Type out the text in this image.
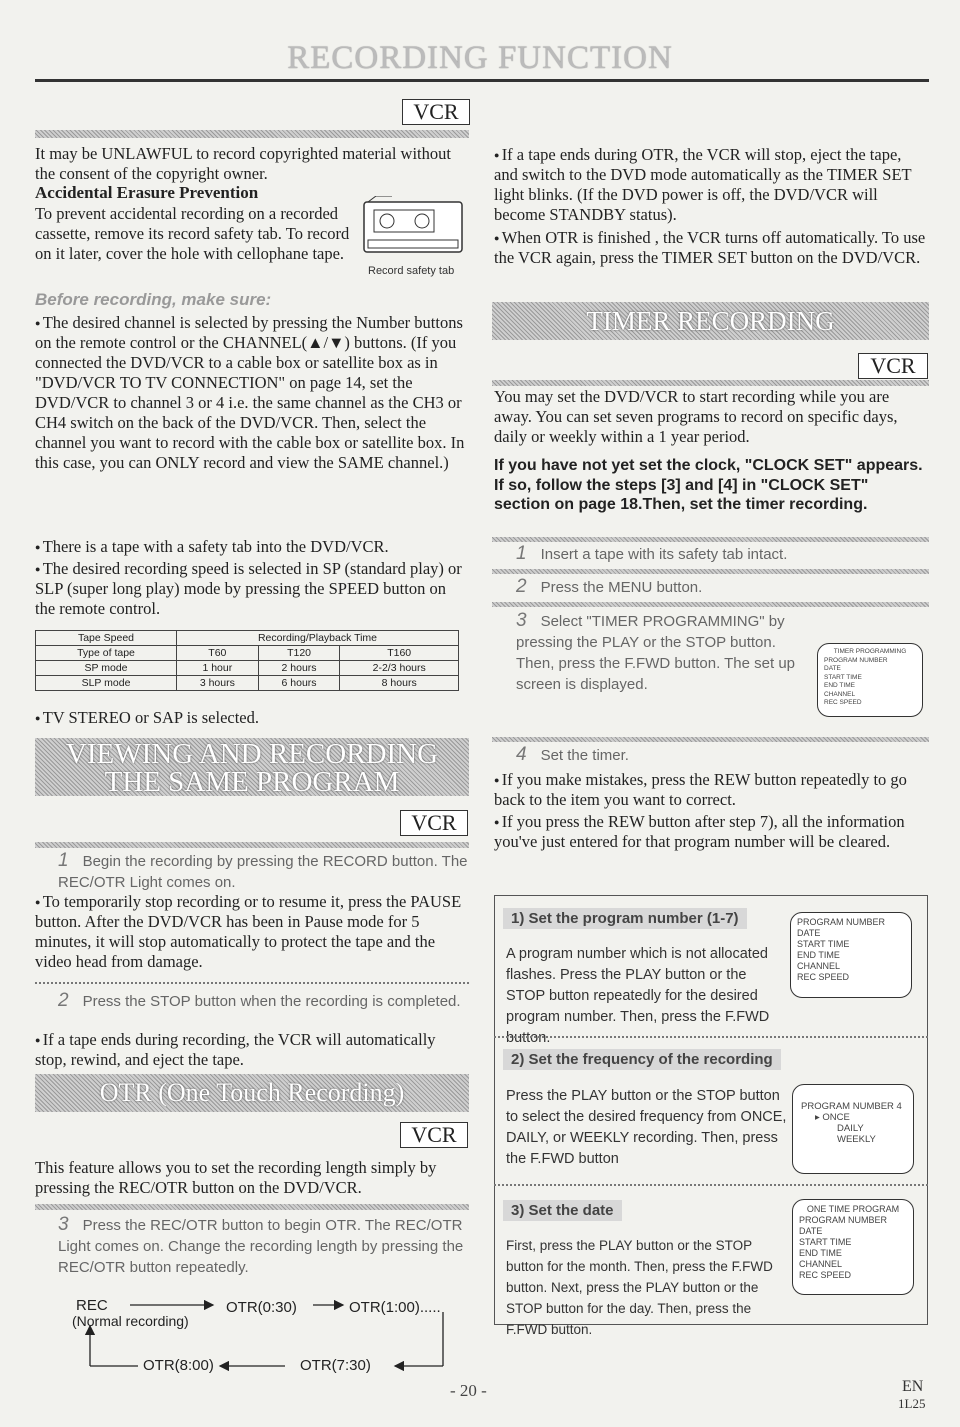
RECORDING FUNCTION
VCR

It may be UNLAWFUL to record copyrighted material without the consent of the copyright owner.

Accidental Erasure Prevention

To prevent accidental recording on a recorded cassette, remove its record safety tab. To record on it later, cover the hole with cellophane tape.

Record safety tab

Before recording, make sure:

● The desired channel is selected by pressing the Number buttons on the remote control or the CHANNEL(▲/▼) buttons. (If you connected the DVD/VCR to a cable box or satellite box as in "DVD/VCR TO TV CONNECTION" on page 14, set the DVD/VCR to channel 3 or 4 i.e. the same channel as the CH3 or CH4 switch on the back of the DVD/VCR. Then, select the channel you want to record with the cable box or satellite box. In this case, you can ONLY record and view the SAME channel.)

● There is a tape with a safety tab into the DVD/VCR.

● The desired recording speed is selected in SP (standard play) or SLP (super long play) mode by pressing the SPEED button on the remote control.

Tape Speed	Recording/Playback Time		
Type of tape	T60	T120	T160
SP mode	1 hour	2 hours	2-2/3 hours
SLP mode	3 hours	6 hours	8 hours

● TV STEREO or SAP is selected.

VIEWING AND RECORDING
THE SAME PROGRAM
VCR
1 Begin the recording by pressing the RECORD button. The REC/OTR Light comes on.

● To temporarily stop recording or to resume it, press the PAUSE button. After the DVD/VCR has been in Pause mode for 5 minutes, it will stop automatically to protect the tape and the video head from damage.

2 Press the STOP button when the recording is completed.

● If a tape ends during recording, the VCR will automatically stop, rewind, and eject the tape.

OTR (One Touch Recording)
VCR

This feature allows you to set the recording length simply by pressing the REC/OTR button on the DVD/VCR.

3 Press the REC/OTR button to begin OTR. The REC/OTR Light comes on. Change the recording length by pressing the REC/OTR button repeatedly.
REC
(Normal recording)
OTR(0:30)	OTR(1:00).....
OTR(8:00)	OTR(7:30)

● If a tape ends during OTR, the VCR will stop, eject the tape, and switch to the DVD mode automatically as the TIMER SET light blinks. (If the DVD power is off, the DVD/VCR will become STANDBY status).

● When OTR is finished , the VCR turns off automatically. To use the VCR again, press the TIMER SET button on the DVD/VCR.

TIMER RECORDING
VCR

You may set the DVD/VCR to start recording while you are away. You can set seven programs to record on specific days, daily or weekly within a 1 year period.

If you have not yet set the clock, "CLOCK SET" appears. If so, follow the steps [3] and [4] in "CLOCK SET" section on page 18.Then, set the timer recording.

1 Insert a tape with its safety tab intact.
2 Press the MENU button.
3 Select "TIMER PROGRAMMING" by pressing the PLAY or the STOP button. Then, press the F.FWD button. The set up screen is displayed.
TIMER PROGRAMMING
PROGRAM NUMBER
DATE
START TIME
END TIME
CHANNEL
REC SPEED
4 Set the timer.

● If you make mistakes, press the REW button repeatedly to go back to the item you want to correct.

● If you press the REW button after step 7), all the information you've just entered for that program number will be cleared.

1) Set the program number (1-7)

A program number which is not allocated flashes. Press the PLAY button or the STOP button repeatedly for the desired program number. Then, press the F.FWD button.

PROGRAM NUMBER
DATE
START TIME
END TIME
CHANNEL
REC SPEED
2) Set the frequency of the recording

Press the PLAY button or the STOP button to select the desired frequency from ONCE, DAILY, or WEEKLY recording. Then, press the F.FWD button

PROGRAM NUMBER 4
▸ ONCE
DAILY
WEEKLY
3) Set the date

First, press the PLAY button or the STOP button for the month. Then, press the F.FWD button. Next, press the PLAY button or the STOP button for the day. Then, press the F.FWD button.

ONE TIME PROGRAM
PROGRAM NUMBER
DATE
START TIME
END TIME
CHANNEL
REC SPEED
- 20 -	EN
1L25
